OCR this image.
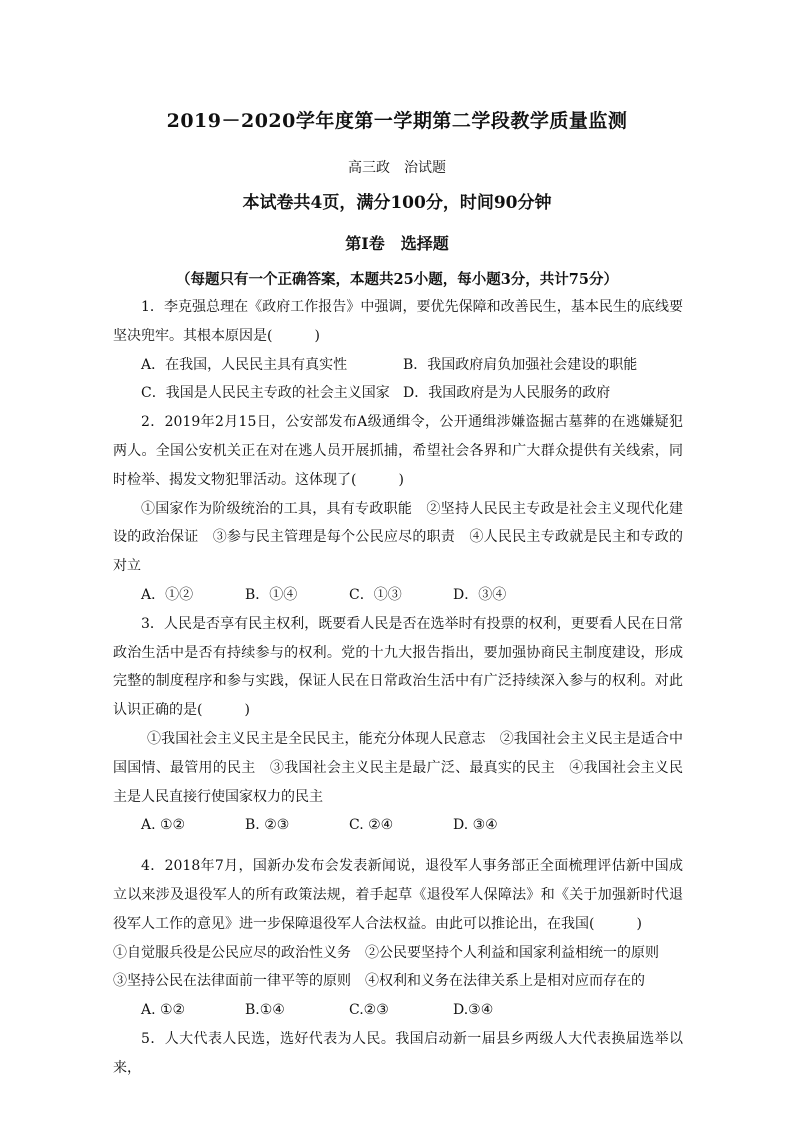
2019－2020学年度第一学期第二学段教学质量监测
高三政　治试题
本试卷共4页，满分100分，时间90分钟
第Ⅰ卷　选择题
（每题只有一个正确答案，本题共25小题，每小题3分，共计75分）

1．李克强总理在《政府工作报告》中强调，要优先保障和改善民生，基本民生的底线要坚决兜牢。其根本原因是(　　　)

A．在我国，人民民主具有真实性	B．我国政府肩负加强社会建设的职能
C．我国是人民民主专政的社会主义国家 D．我国政府是为人民服务的政府

2．2019年2月15日，公安部发布A级通缉令，公开通缉涉嫌盗掘古墓葬的在逃嫌疑犯两人。全国公安机关正在对在逃人员开展抓捕，希望社会各界和广大群众提供有关线索，同时检举、揭发文物犯罪活动。这体现了(　　　)

①国家作为阶级统治的工具，具有专政职能　②坚持人民民主专政是社会主义现代化建设的政治保证　③参与民主管理是每个公民应尽的职责　④人民民主专政就是民主和专政的对立

A．①②	B．①④	C．①③	D．③④

3．人民是否享有民主权利，既要看人民是否在选举时有投票的权利，更要看人民在日常政治生活中是否有持续参与的权利。党的十九大报告指出，要加强协商民主制度建设，形成完整的制度程序和参与实践，保证人民在日常政治生活中有广泛持续深入参与的权利。对此认识正确的是(　　　)

①我国社会主义民主是全民民主，能充分体现人民意志　②我国社会主义民主是适合中国国情、最管用的民主　③我国社会主义民主是最广泛、最真实的民主　④我国社会主义民主是人民直接行使国家权力的民主

A. ①②	B. ②③	C. ②④	D. ③④

4．2018年7月，国新办发布会发表新闻说，退役军人事务部正全面梳理评估新中国成立以来涉及退役军人的所有政策法规，着手起草《退役军人保障法》和《关于加强新时代退役军人工作的意见》进一步保障退役军人合法权益。由此可以推论出，在我国(　　　)

①自觉服兵役是公民应尽的政治性义务　②公民要坚持个人利益和国家利益相统一的原则

③坚持公民在法律面前一律平等的原则　④权利和义务在法律关系上是相对应而存在的

A. ①②	B.①④	C.②③	D.③④

5．人大代表人民选，选好代表为人民。我国启动新一届县乡两级人大代表换届选举以来，
